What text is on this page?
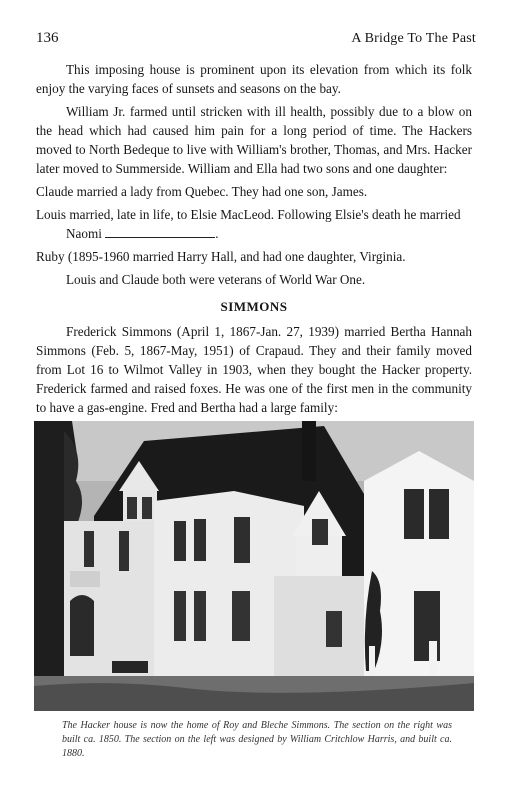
136	A Bridge To The Past

This imposing house is prominent upon its elevation from which its folk enjoy the varying faces of sunsets and seasons on the bay.

William Jr. farmed until stricken with ill health, possibly due to a blow on the head which had caused him pain for a long period of time. The Hackers moved to North Bedeque to live with William's brother, Thomas, and Mrs. Hacker later moved to Summerside. William and Ella had two sons and one daughter:

Claude married a lady from Quebec. They had one son, James.

Louis married, late in life, to Elsie MacLeod. Following Elsie's death he married Naomi	.

Ruby (1895-1960 married Harry Hall, and had one daughter, Virginia.

Louis and Claude both were veterans of World War One.

SIMMONS

Frederick Simmons (April 1, 1867-Jan. 27, 1939) married Bertha Hannah Simmons (Feb. 5, 1867-May, 1951) of Crapaud. They and their family moved from Lot 16 to Wilmot Valley in 1903, when they bought the Hacker property. Frederick farmed and raised foxes. He was one of the first men in the community to have a gas-engine. Fred and Bertha had a large family:

The Hacker house is now the home of Roy and Bleche Simmons. The section on the right was built ca. 1850. The section on the left was designed by William Critchlow Harris, and built ca. 1880.
